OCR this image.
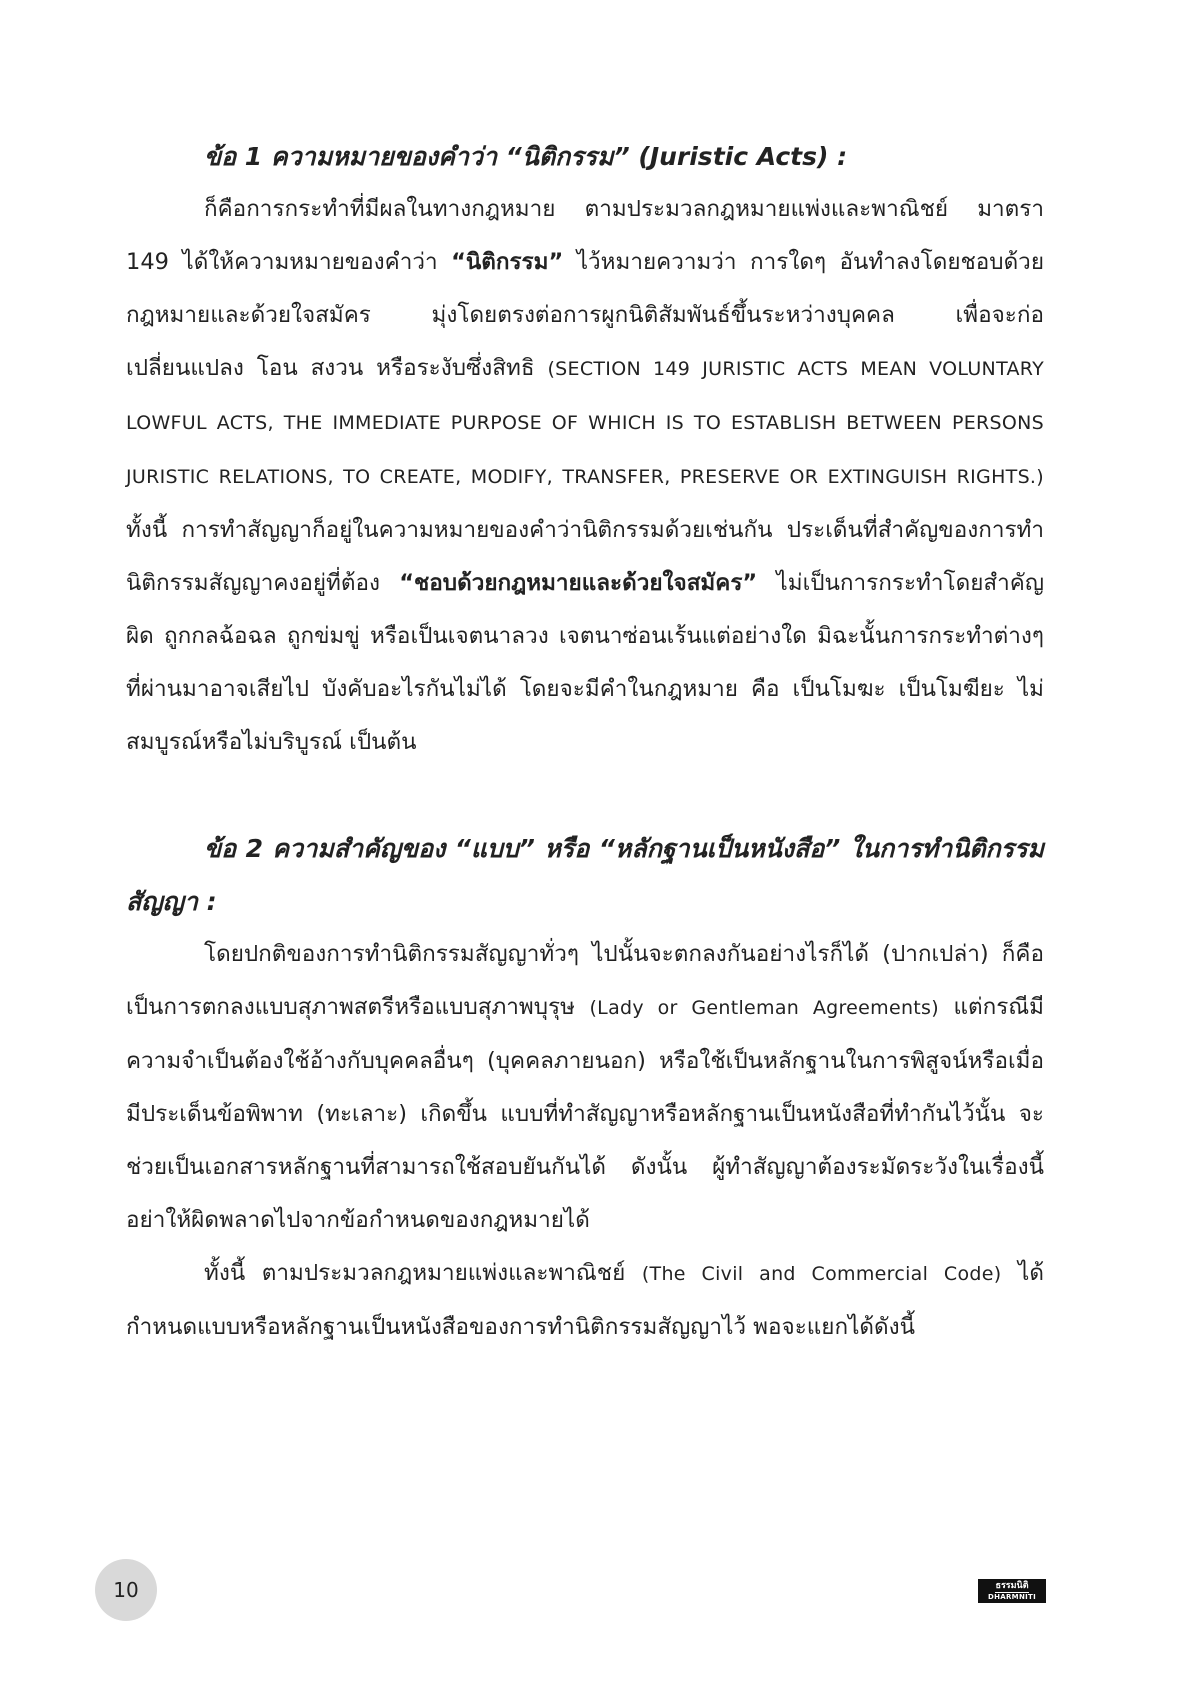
ข้อ 1 ความหมายของคำว่า “นิติกรรม” (Juristic Acts) :

ก็คือการกระทำที่มีผลในทางกฎหมาย ตามประมวลกฎหมายแพ่งและพาณิชย์ มาตรา 149 ได้ให้ความหมายของคำว่า “นิติกรรม” ไว้หมายความว่า การใดๆ อันทำลงโดยชอบด้วยกฎหมายและด้วยใจสมัคร มุ่งโดยตรงต่อการผูกนิติสัมพันธ์ขึ้นระหว่างบุคคล เพื่อจะก่อ เปลี่ยนแปลง โอน สงวน หรือระงับซึ่งสิทธิ (SECTION 149 JURISTIC ACTS MEAN VOLUNTARY LOWFUL ACTS, THE IMMEDIATE PURPOSE OF WHICH IS TO ESTABLISH BETWEEN PERSONS JURISTIC RELATIONS, TO CREATE, MODIFY, TRANSFER, PRESERVE OR EXTINGUISH RIGHTS.) ทั้งนี้ การทำสัญญาก็อยู่ในความหมายของคำว่านิติกรรมด้วยเช่นกัน ประเด็นที่สำคัญของการทำนิติกรรมสัญญาคงอยู่ที่ต้อง “ชอบด้วยกฎหมายและด้วยใจสมัคร” ไม่เป็นการกระทำโดยสำคัญผิด ถูกกลฉ้อฉล ถูกข่มขู่ หรือเป็นเจตนาลวง เจตนาซ่อนเร้นแต่อย่างใด มิฉะนั้นการกระทำต่างๆ ที่ผ่านมาอาจเสียไป บังคับอะไรกันไม่ได้ โดยจะมีคำในกฎหมาย คือ เป็นโมฆะ เป็นโมฆียะ ไม่สมบูรณ์หรือไม่บริบูรณ์ เป็นต้น

ข้อ 2 ความสำคัญของ “แบบ” หรือ “หลักฐานเป็นหนังสือ” ในการทำนิติกรรมสัญญา :

โดยปกติของการทำนิติกรรมสัญญาทั่วๆ ไปนั้นจะตกลงกันอย่างไรก็ได้ (ปากเปล่า) ก็คือ เป็นการตกลงแบบสุภาพสตรีหรือแบบสุภาพบุรุษ (Lady or Gentleman Agreements) แต่กรณีมีความจำเป็นต้องใช้อ้างกับบุคคลอื่นๆ (บุคคลภายนอก) หรือใช้เป็นหลักฐานในการพิสูจน์หรือเมื่อมีประเด็นข้อพิพาท (ทะเลาะ) เกิดขึ้น แบบที่ทำสัญญาหรือหลักฐานเป็นหนังสือที่ทำกันไว้นั้น จะช่วยเป็นเอกสารหลักฐานที่สามารถใช้สอบยันกันได้ ดังนั้น ผู้ทำสัญญาต้องระมัดระวังในเรื่องนี้อย่าให้ผิดพลาดไปจากข้อกำหนดของกฎหมายได้

ทั้งนี้ ตามประมวลกฎหมายแพ่งและพาณิชย์ (The Civil and Commercial Code) ได้กำหนดแบบหรือหลักฐานเป็นหนังสือของการทำนิติกรรมสัญญาไว้ พอจะแยกได้ดังนี้

10	ธรรมนิติ
DHARMNITI
